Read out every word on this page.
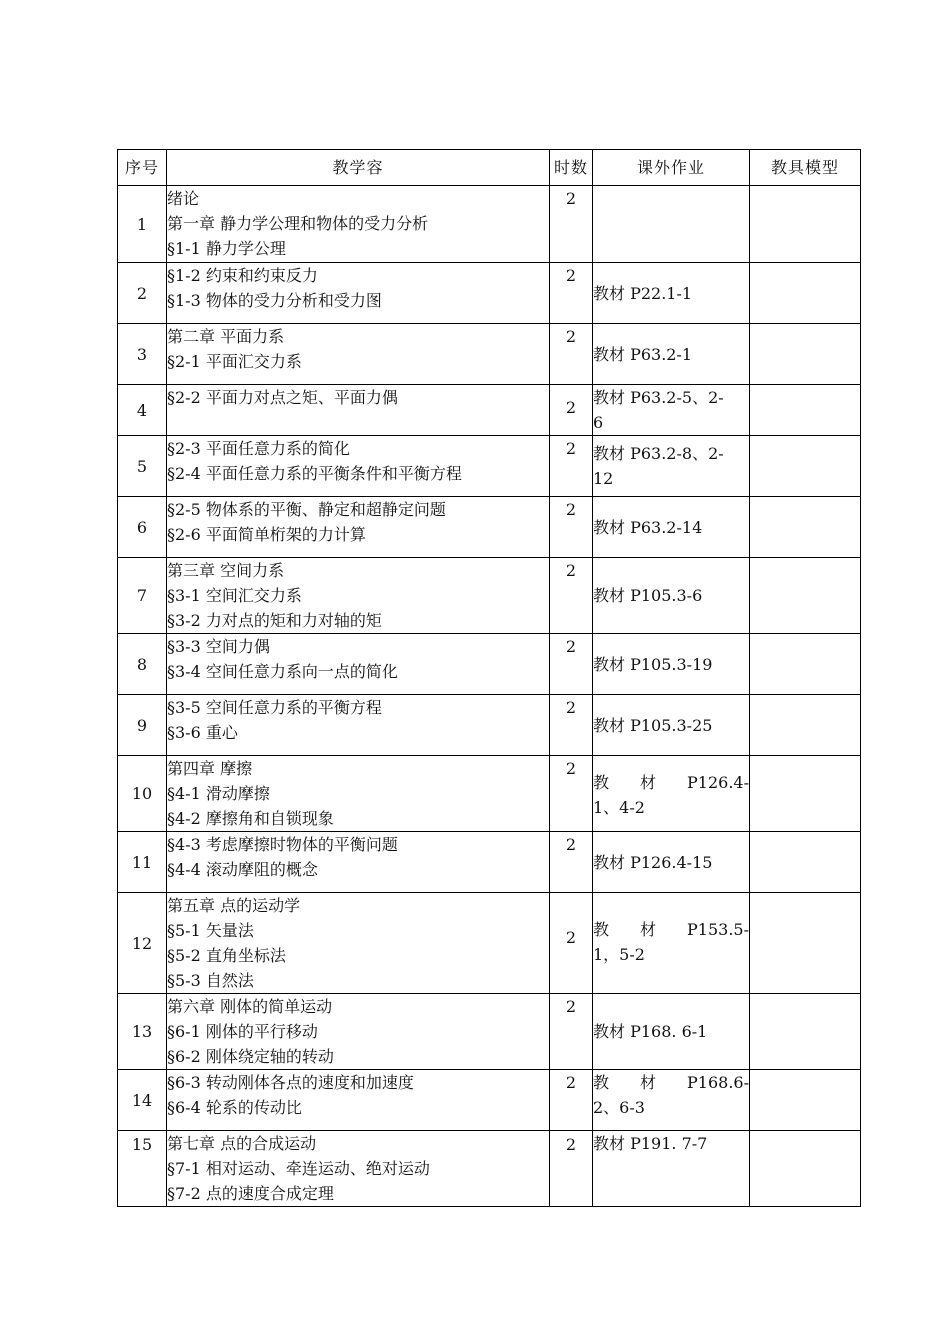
序号	教学容	时数	课外作业	教具模型
1	绪论
第一章 静力学公理和物体的受力分析
§1-1 静力学公理	2		
2	§1-2 约束和约束反力
§1-3 物体的受力分析和受力图	2	教材 P22.1-1	

3	第二章 平面力系
§2-1 平面汇交力系	2	教材 P63.2-1	

4	§2-2 平面力对点之矩、平面力偶	2	教材 P63.2-5、2-
6	

5	§2-3 平面任意力系的简化
§2-4 平面任意力系的平衡条件和平衡方程	2	教材 P63.2-8、2-
12	

6	§2-5 物体系的平衡、静定和超静定问题
§2-6 平面简单桁架的力计算	2	教材 P63.2-14	

7	第三章 空间力系
§3-1 空间汇交力系
§3-2 力对点的矩和力对轴的矩	2	教材 P105.3-6	

8	§3-3 空间力偶
§3-4 空间任意力系向一点的简化	2	教材 P105.3-19	

9	§3-5 空间任意力系的平衡方程
§3-6 重心	2	教材 P105.3-25	

10	第四章 摩擦
§4-1 滑动摩擦
§4-2 摩擦角和自锁现象	2	教 材 P126.4-
1、4-2	

11	§4-3 考虑摩擦时物体的平衡问题
§4-4 滚动摩阻的概念	2	教材 P126.4-15	

12	第五章 点的运动学
§5-1 矢量法
§5-2 直角坐标法
§5-3 自然法	2	教 材 P153.5-
1，5-2	

13	第六章 刚体的简单运动
§6-1 刚体的平行移动
§6-2 刚体绕定轴的转动	2	教材 P168. 6-1	

14	§6-3 转动刚体各点的速度和加速度
§6-4 轮系的传动比	2	教 材 P168.6-
2、6-3	

15	第七章 点的合成运动
§7-1 相对运动、牵连运动、绝对运动
§7-2 点的速度合成定理	2	教材 P191. 7-7	
